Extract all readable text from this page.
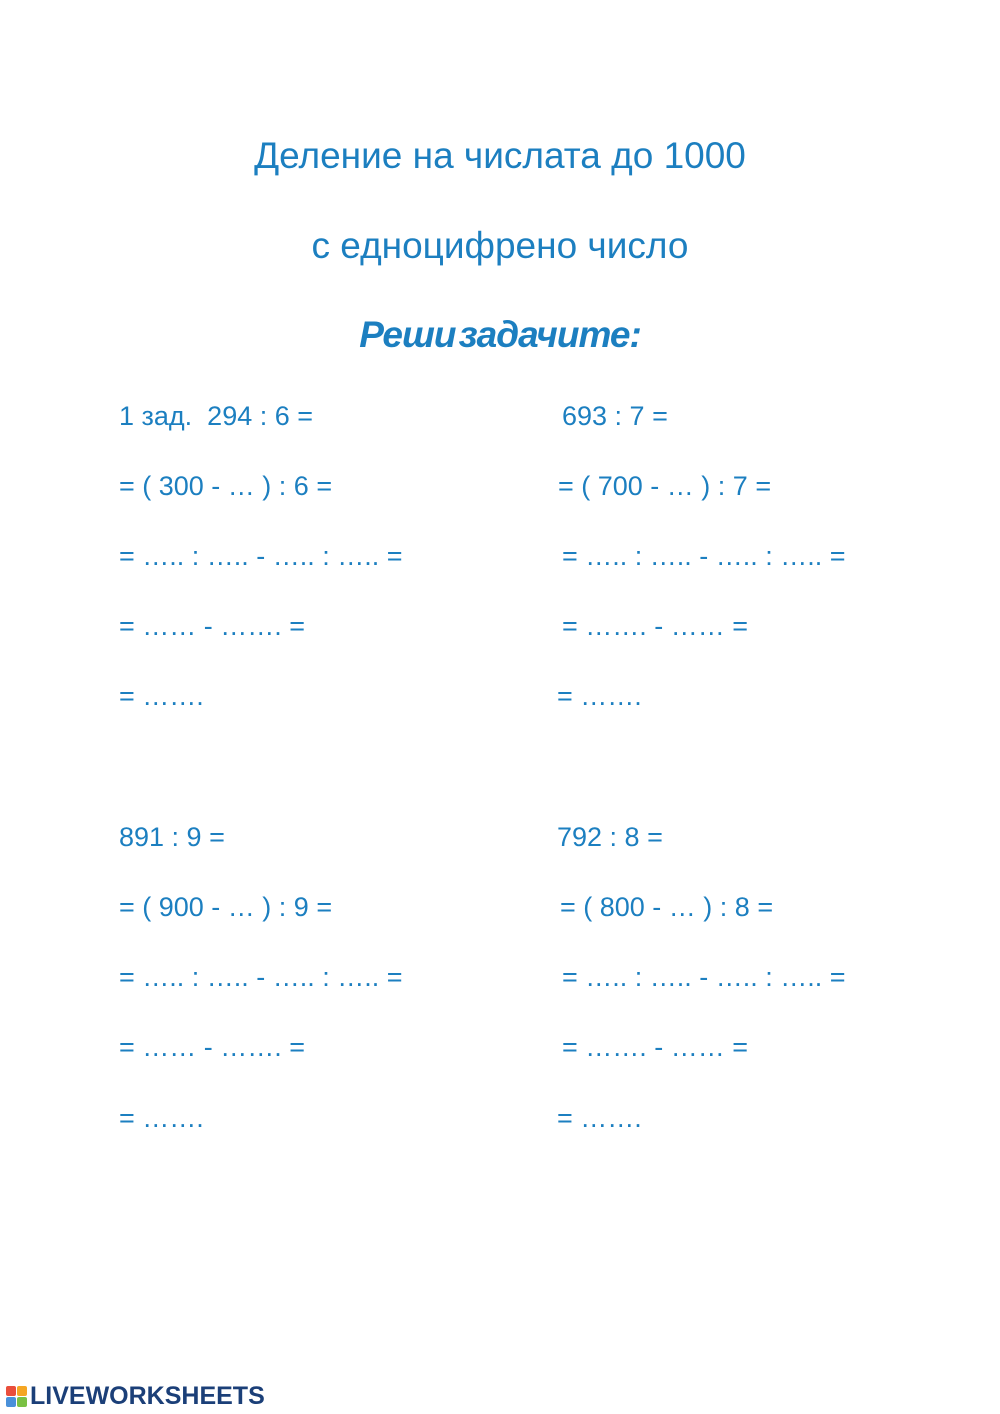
Деление на числата до 1000
с едноцифрено число
Реши задачите:
1 зад.  294 : 6 =
= ( 300 - … ) : 6 =
= ….. : ….. - ….. : ….. =
= …… - ……. =
= …….
693 : 7 =
= ( 700 - … ) : 7 =
= ….. : ….. - ….. : ….. =
= ……. - …… =
= …….
891 : 9 =
= ( 900 - … ) : 9 =
= ….. : ….. - ….. : ….. =
= …… - ……. =
= …….
792 : 8 =
= ( 800 - … ) : 8 =
= ….. : ….. - ….. : ….. =
= ……. - …… =
= …….
LIVEWORKSHEETS
